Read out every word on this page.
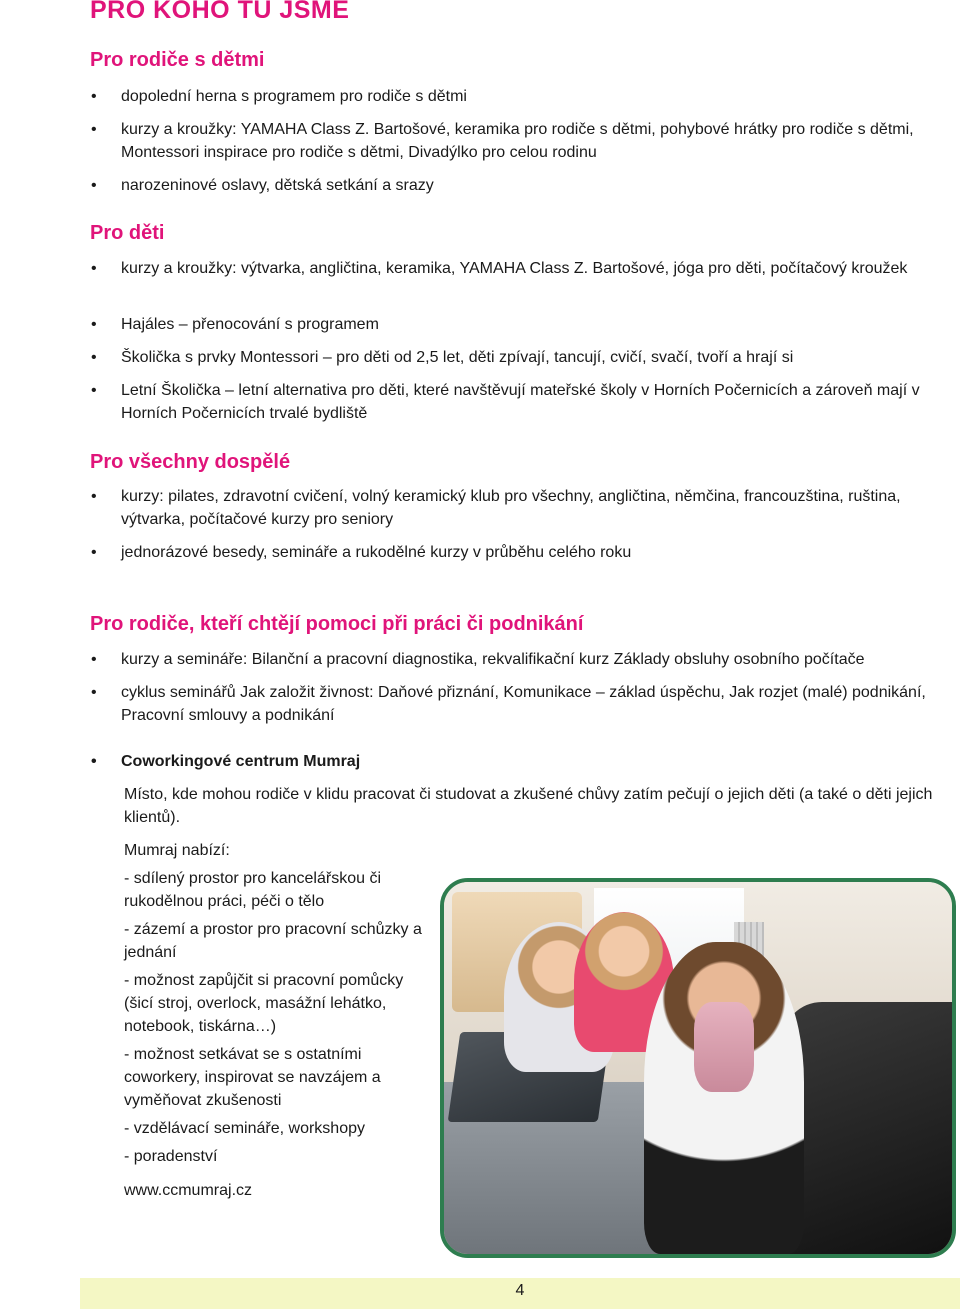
PRO KOHO TU JSME
Pro rodiče s dětmi
• dopolední herna s programem pro rodiče s dětmi

• kurzy a kroužky: YAMAHA Class Z. Bartošové, keramika pro rodiče s dětmi, pohybové hrátky pro rodiče s dětmi, Montessori inspirace pro rodiče s dětmi, Divadýlko pro celou rodinu

• narozeninové oslavy, dětská setkání a srazy

Pro děti
• kurzy a kroužky: výtvarka, angličtina, keramika, YAMAHA Class Z. Bartošové, jóga pro děti, počítačový kroužek

• Hajáles – přenocování s programem

• Školička s prvky Montessori – pro děti od 2,5 let, děti zpívají, tancují, cvičí, svačí, tvoří a hrají si

• Letní Školička – letní alternativa pro děti, které navštěvují mateřské školy v Horních Počernicích a zároveň mají v Horních Počernicích trvalé bydliště

Pro všechny dospělé
• kurzy: pilates, zdravotní cvičení, volný keramický klub pro všechny, angličtina, němčina, francouzština, ruština, výtvarka, počítačové kurzy pro seniory

• jednorázové besedy, semináře a rukodělné kurzy v průběhu celého roku

Pro rodiče, kteří chtějí pomoci při práci či podnikání
• kurzy a semináře: Bilanční a pracovní diagnostika, rekvalifikační kurz Základy obsluhy osobního počítače

• cyklus seminářů Jak založit živnost: Daňové přiznání, Komunikace – základ úspěchu, Jak rozjet (malé) podnikání, Pracovní smlouvy a podnikání

• Coworkingové centrum Mumraj

Místo, kde mohou rodiče v klidu pracovat či studovat a zkušené chůvy zatím pečují o jejich děti (a také o děti jejich klientů).

Mumraj nabízí:

- sdílený prostor pro kancelářskou či rukodělnou práci, péči o tělo

- zázemí a prostor pro pracovní schůzky a jednání

- možnost zapůjčit si pracovní pomůcky (šicí stroj, overlock, masážní lehátko, notebook, tiskárna…)

- možnost setkávat se s ostatními coworkery, inspirovat se navzájem a vyměňovat zkušenosti

- vzdělávací semináře, workshopy

- poradenství

www.ccmumraj.cz

4
